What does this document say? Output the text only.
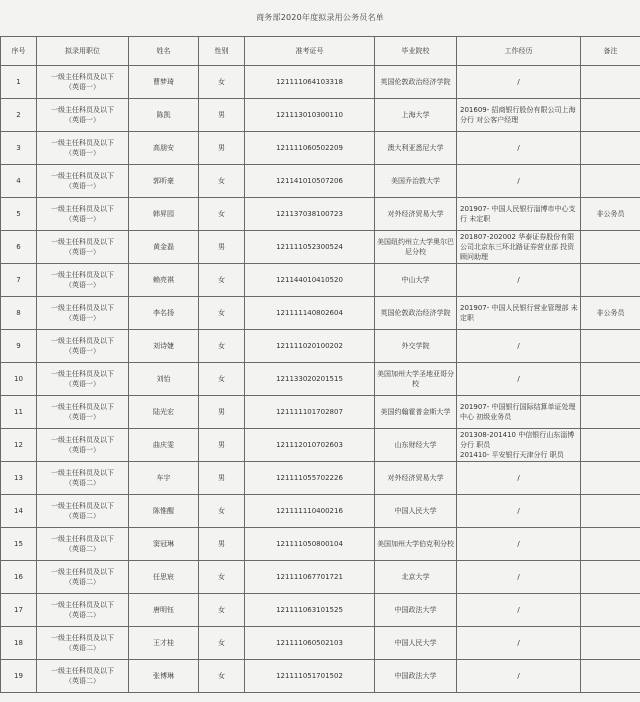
商务部2020年度拟录用公务员名单
序号	拟录用职位	姓名	性别	准考证号	毕业院校	工作经历	备注
1	一级主任科员及以下
（英语一）	曹梦琦	女	121111064103318	英国伦敦政治经济学院	/	
2	一级主任科员及以下
（英语一）	陈凯	男	121113010300110	上海大学	201609- 招商银行股份有限公司上海分行 对公客户经理	
3	一级主任科员及以下
（英语一）	高朋安	男	121111060502209	澳大利亚悉尼大学	/	
4	一级主任科员及以下
（英语一）	郭昕豪	女	121141010507206	美国乔治敦大学	/	
5	一级主任科员及以下
（英语一）	韩昇园	女	121137038100723	对外经济贸易大学	201907- 中国人民银行淄博市中心支行 未定职	非公务员
6	一级主任科员及以下
（英语一）	黄金磊	男	121111052300524	美国纽约州立大学奥尔巴尼分校	201807-202002 华泰证券股份有限公司北京东三环北路证券营业部 投资顾问助理	
7	一级主任科员及以下
（英语一）	赖亮祺	女	121144010410520	中山大学	/	
8	一级主任科员及以下
（英语一）	李名扬	女	121111140802604	英国伦敦政治经济学院	201907- 中国人民银行营业管理部 未定职	非公务员
9	一级主任科员及以下
（英语一）	刘诗婕	女	121111020100202	外交学院	/	
10	一级主任科员及以下
（英语一）	刘怡	女	121133020201515	美国加州大学圣地亚哥分校	/	
11	一级主任科员及以下
（英语一）	陆光宏	男	121111101702807	美国约翰霍普金斯大学	201907- 中国银行国际结算单证处理中心 初级业务员	
12	一级主任科员及以下
（英语一）	曲庆雯	男	121112010702603	山东财经大学	201308-201410 中信银行山东淄博分行 职员
201410- 平安银行天津分行 职员	
13	一级主任科员及以下
（英语二）	车宇	男	121111055702226	对外经济贸易大学	/	
14	一级主任科员及以下
（英语二）	陈惟醒	女	121111110400216	中国人民大学	/	
15	一级主任科员及以下
（英语二）	窦冠琳	男	121111050800104	美国加州大学伯克利分校	/	
16	一级主任科员及以下
（英语二）	任思宸	女	121111067701721	北京大学	/	
17	一级主任科员及以下
（英语二）	唐明钰	女	121111063101525	中国政法大学	/	
18	一级主任科员及以下
（英语二）	王才桂	女	121111060502103	中国人民大学	/	
19	一级主任科员及以下
（英语二）	张博琳	女	121111051701502	中国政法大学	/	
